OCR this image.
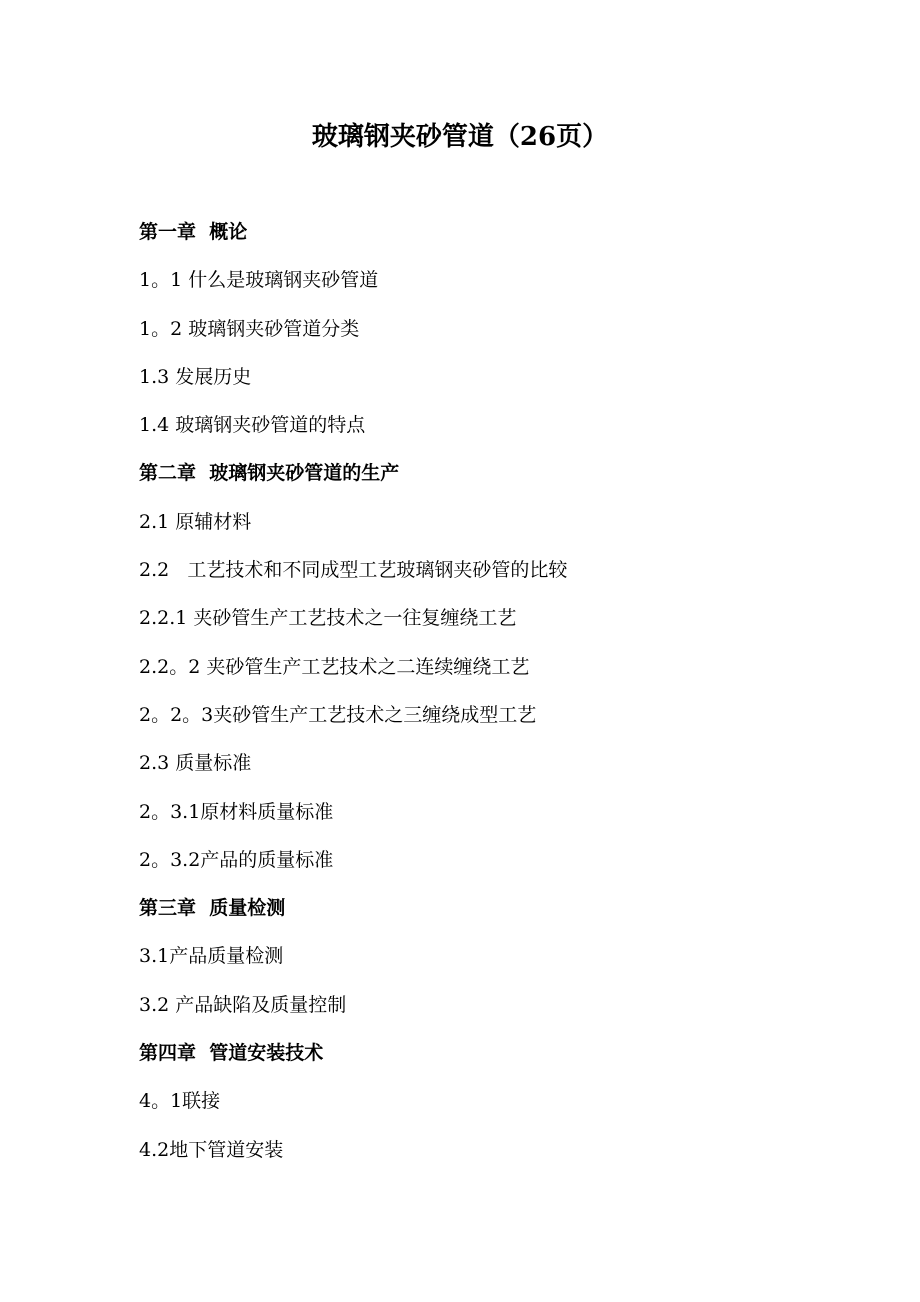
玻璃钢夹砂管道（26页）
第一章  概论
1。1 什么是玻璃钢夹砂管道
1。2 玻璃钢夹砂管道分类
1.3 发展历史
1.4 玻璃钢夹砂管道的特点
第二章  玻璃钢夹砂管道的生产
2.1 原辅材料
2.2   工艺技术和不同成型工艺玻璃钢夹砂管的比较
2.2.1 夹砂管生产工艺技术之一往复缠绕工艺
2.2。2 夹砂管生产工艺技术之二连续缠绕工艺
2。2。3夹砂管生产工艺技术之三缠绕成型工艺
2.3 质量标准
2。3.1原材料质量标准
2。3.2产品的质量标准
第三章  质量检测
3.1产品质量检测
3.2 产品缺陷及质量控制
第四章  管道安装技术
4。1联接
4.2地下管道安装
